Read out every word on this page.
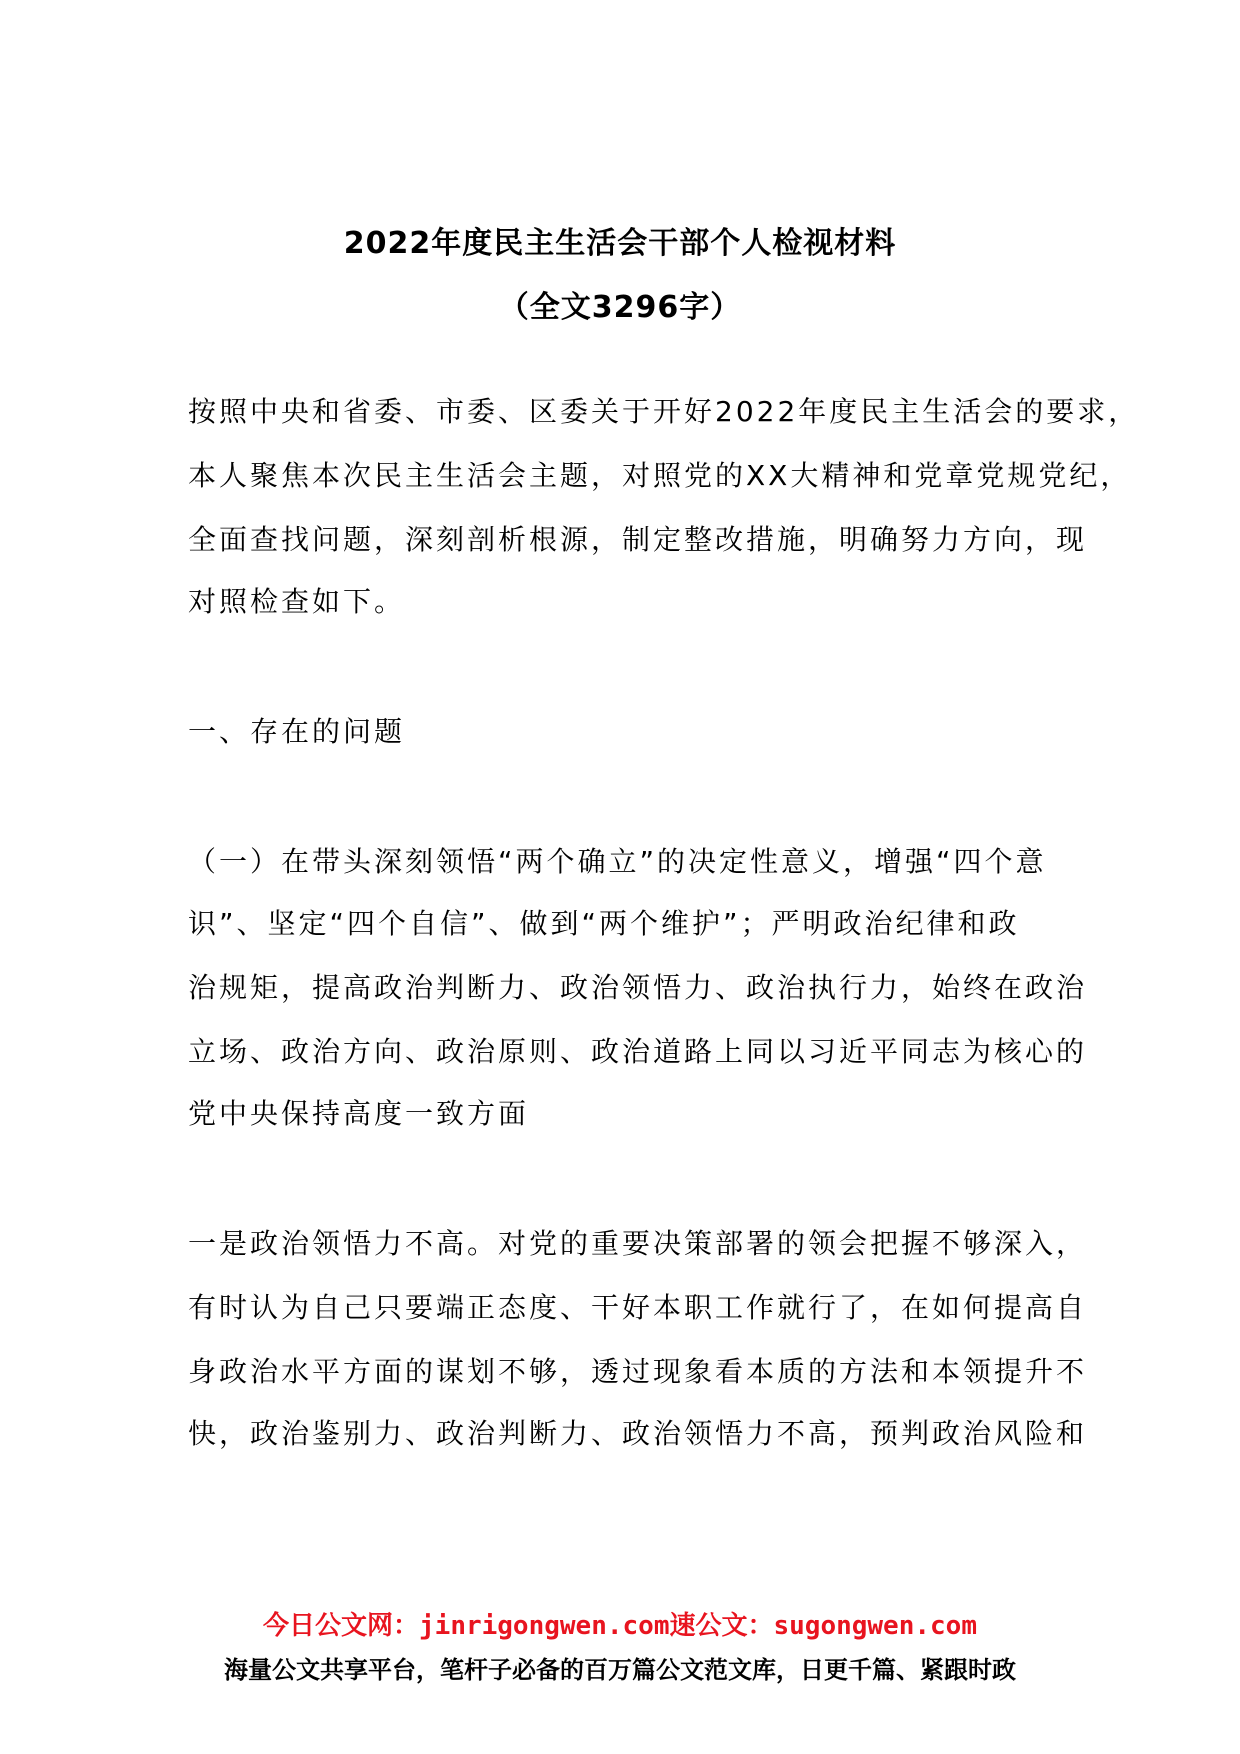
2022年度民主生活会干部个人检视材料
（全文3296字）
按照中央和省委、市委、区委关于开好2022年度民主生活会的要求，
本人聚焦本次民主生活会主题，对照党的XX大精神和党章党规党纪，
全面查找问题，深刻剖析根源，制定整改措施，明确努力方向，现
对照检查如下。
一、存在的问题
（一）在带头深刻领悟“两个确立”的决定性意义，增强“四个意
识”、坚定“四个自信”、做到“两个维护”；严明政治纪律和政
治规矩，提高政治判断力、政治领悟力、政治执行力，始终在政治
立场、政治方向、政治原则、政治道路上同以习近平同志为核心的
党中央保持高度一致方面
一是政治领悟力不高。对党的重要决策部署的领会把握不够深入，
有时认为自己只要端正态度、干好本职工作就行了，在如何提高自
身政治水平方面的谋划不够，透过现象看本质的方法和本领提升不
快，政治鉴别力、政治判断力、政治领悟力不高，预判政治风险和
今日公文网：jinrigongwen.com速公文：sugongwen.com
海量公文共享平台，笔杆子必备的百万篇公文范文库，日更千篇、紧跟时政
